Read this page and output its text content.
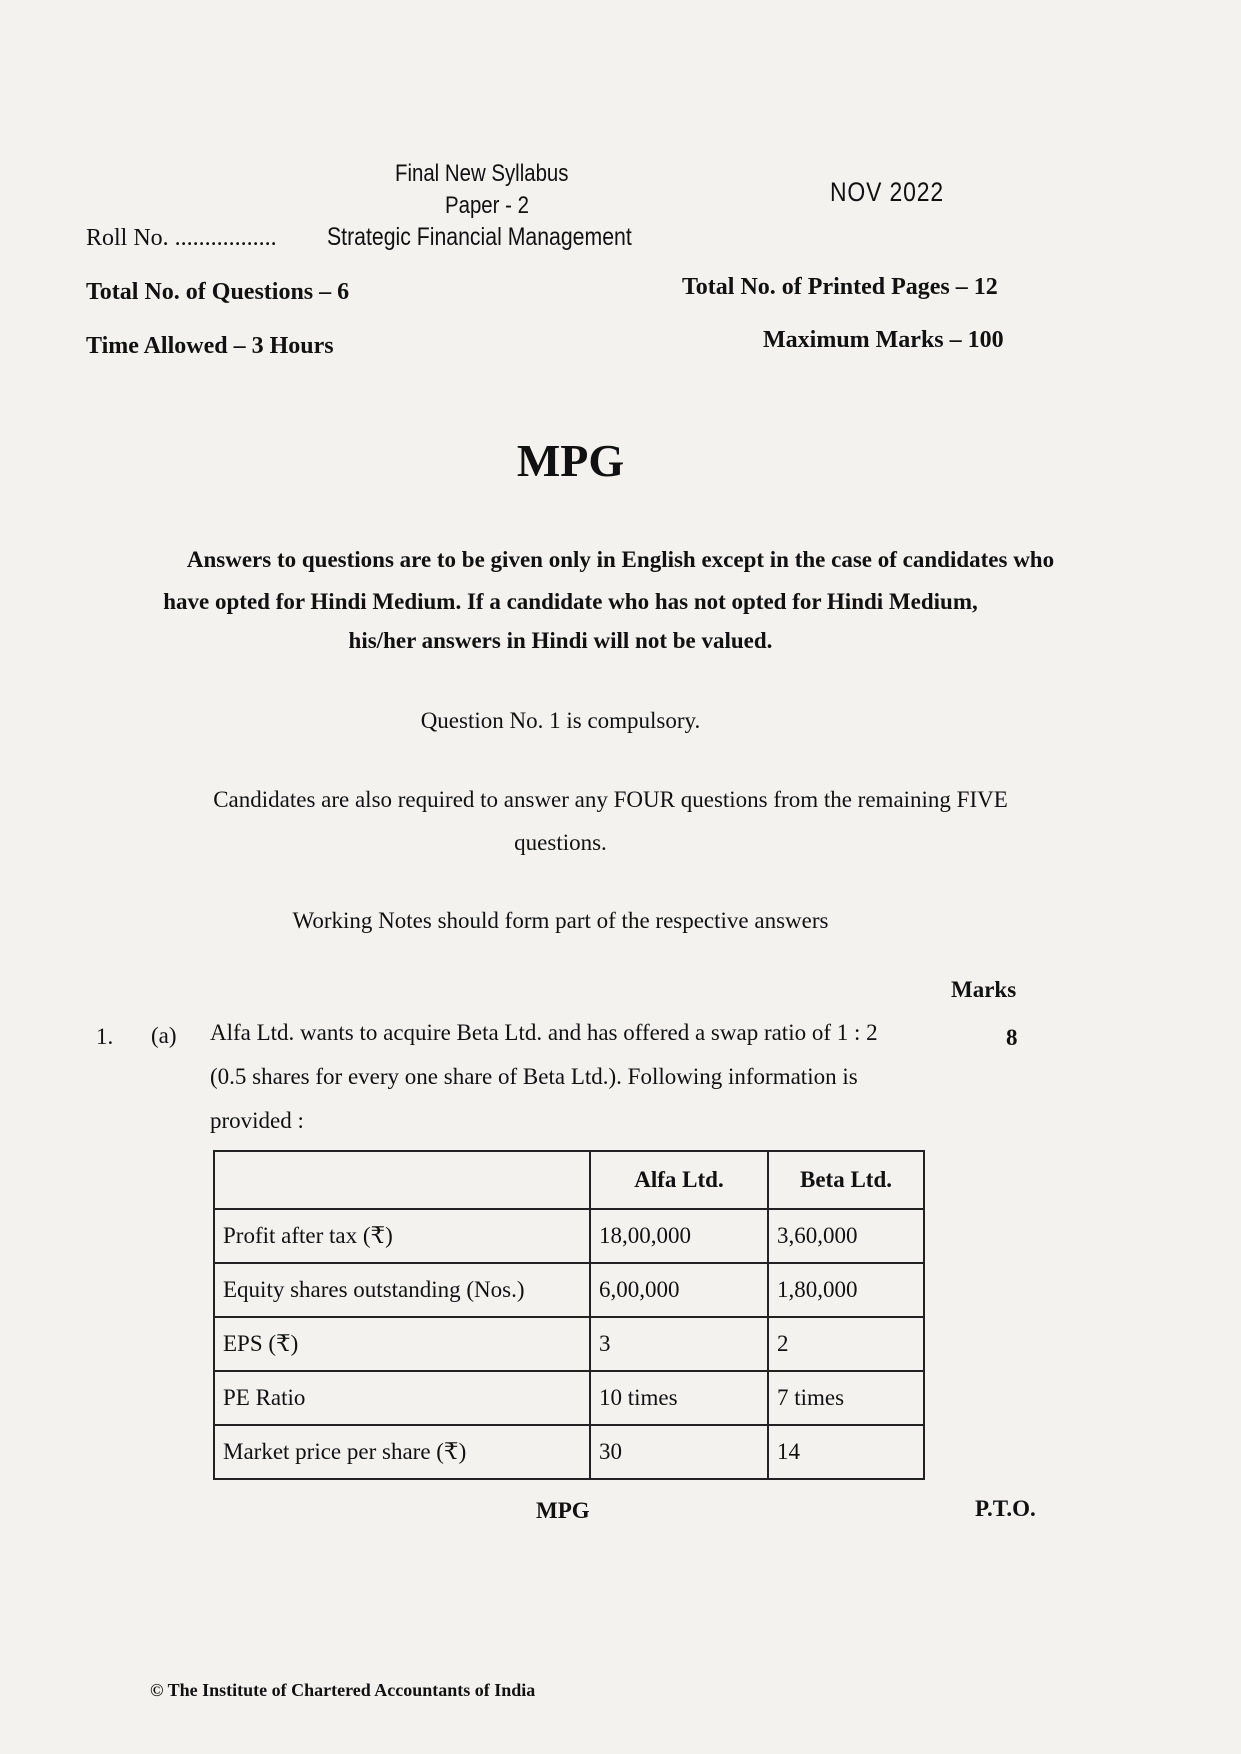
Final New Syllabus
Paper - 2
Roll No. ................. Strategic Financial Management
NOV 2022
Total No. of Questions – 6	Total No. of Printed Pages – 12
Time Allowed – 3 Hours	Maximum Marks – 100
MPG
Answers to questions are to be given only in English except in the case of candidates who
have opted for Hindi Medium. If a candidate who has not opted for Hindi Medium,
his/her answers in Hindi will not be valued.
Question No. 1 is compulsory.
Candidates are also required to answer any FOUR questions from the remaining FIVE
questions.
Working Notes should form part of the respective answers
Marks
1. (a) Alfa Ltd. wants to acquire Beta Ltd. and has offered a swap ratio of 1 : 2
(0.5 shares for every one share of Beta Ltd.). Following information is
provided :
8
	Alfa Ltd.	Beta Ltd.
Profit after tax (₹)	18,00,000	3,60,000
Equity shares outstanding (Nos.)	6,00,000	1,80,000
EPS (₹)	3	2
PE Ratio	10 times	7 times
Market price per share (₹)	30	14
MPG	P.T.O.
© The Institute of Chartered Accountants of India
